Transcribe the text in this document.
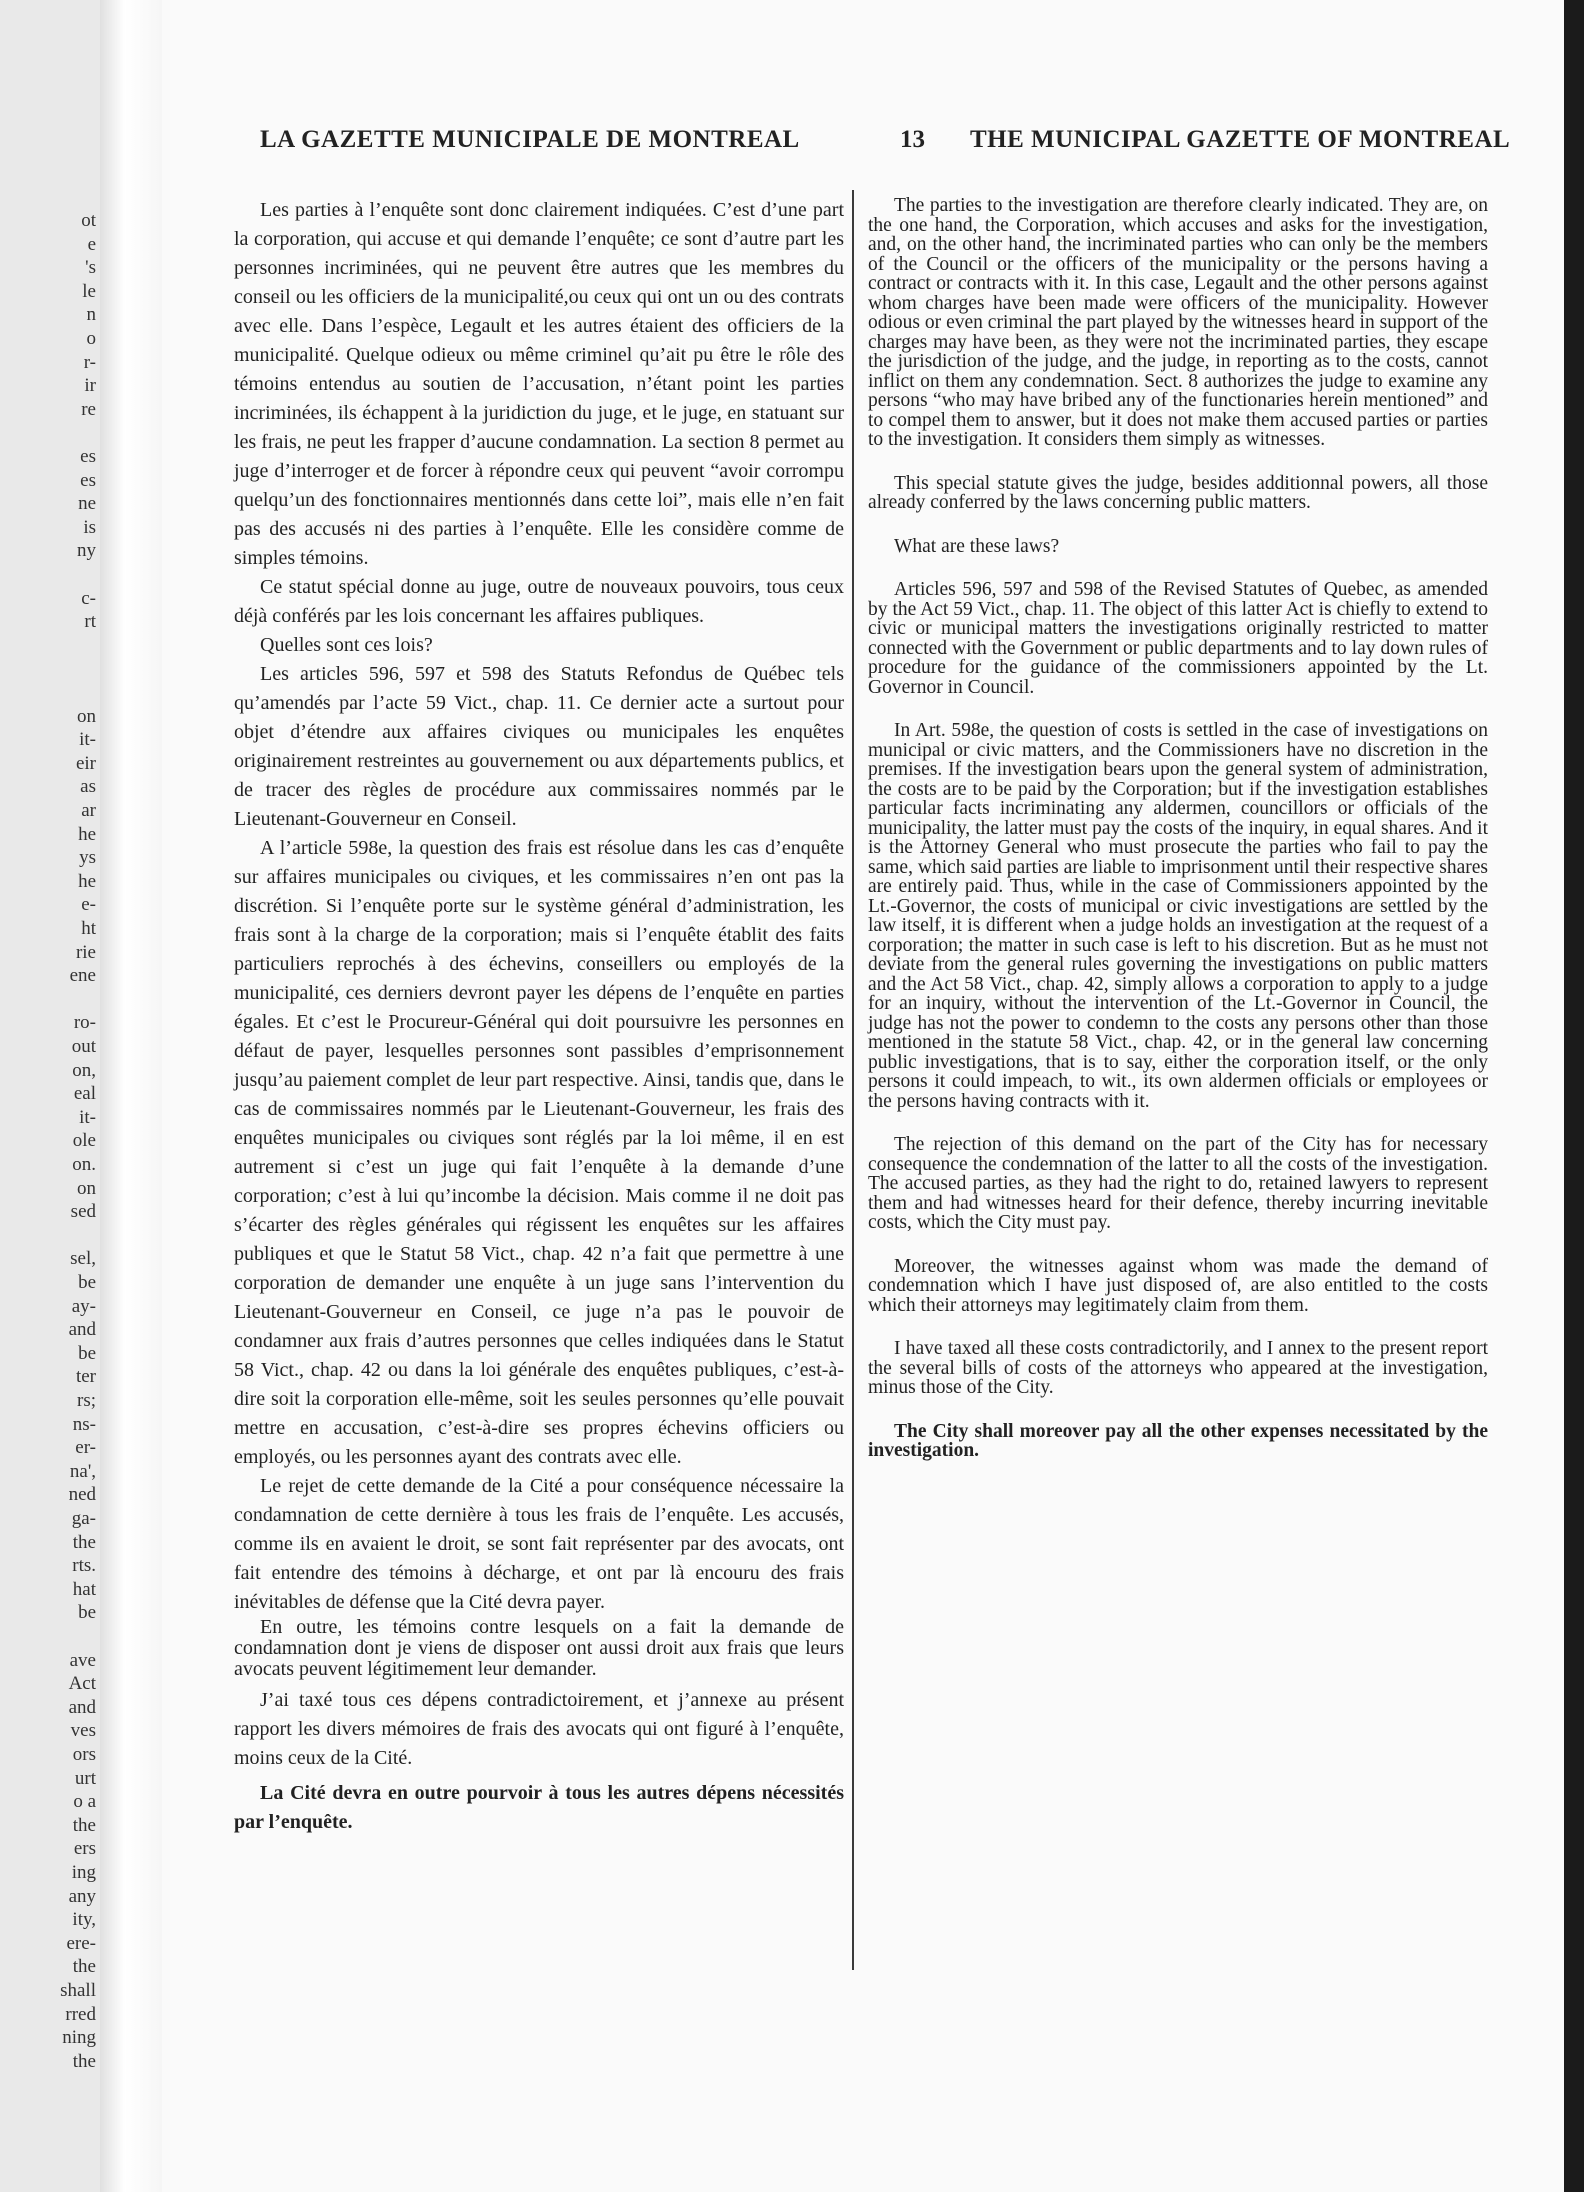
ot
e
's
le
n
o
r-
ir
re
es
es
ne
is
ny
c-
rt
on
it-
eir
as
ar
he
ys
he
e-
ht
rie
ene
ro-
out
on,
eal
it-
ole
on.
on
sed
sel,
be
ay-
and
be
ter
rs;
ns-
er-
na',
ned
ga-
the
rts.
hat
be
ave
Act
and
ves
ors
urt
o a
the
ers
ing
any
ity,
ere-
the
shall
rred
ning
the
LA GAZETTE MUNICIPALE DE MONTREAL	13 THE MUNICIPAL GAZETTE OF MONTREAL

Les parties à l’enquête sont donc clairement indiquées. C’est d’une part la corporation, qui accuse et qui demande l’enquête; ce sont d’autre part les personnes incriminées, qui ne peuvent être autres que les membres du conseil ou les officiers de la municipalité,ou ceux qui ont un ou des contrats avec elle. Dans l’espèce, Legault et les autres étaient des officiers de la municipalité. Quelque odieux ou même criminel qu’ait pu être le rôle des témoins entendus au soutien de l’accusation, n’étant point les parties incriminées, ils échappent à la juridiction du juge, et le juge, en statuant sur les frais, ne peut les frapper d’aucune condamnation. La section 8 permet au juge d’interroger et de forcer à répondre ceux qui peuvent “avoir corrompu quelqu’un des fonctionnaires mentionnés dans cette loi”, mais elle n’en fait pas des accusés ni des parties à l’enquête. Elle les considère comme de simples témoins.

Ce statut spécial donne au juge, outre de nouveaux pouvoirs, tous ceux déjà conférés par les lois concernant les affaires publiques.

Quelles sont ces lois?

Les articles 596, 597 et 598 des Statuts Refondus de Québec tels qu’amendés par l’acte 59 Vict., chap. 11. Ce dernier acte a surtout pour objet d’étendre aux affaires civiques ou municipales les enquêtes originairement restreintes au gouvernement ou aux départements publics, et de tracer des règles de procédure aux commissaires nommés par le Lieutenant-Gouverneur en Conseil.

A l’article 598e, la question des frais est résolue dans les cas d’enquête sur affaires municipales ou civiques, et les commissaires n’en ont pas la discrétion. Si l’enquête porte sur le système général d’administration, les frais sont à la charge de la corporation; mais si l’enquête établit des faits particuliers reprochés à des échevins, conseillers ou employés de la municipalité, ces derniers devront payer les dépens de l’enquête en parties égales. Et c’est le Procureur-Général qui doit poursuivre les personnes en défaut de payer, lesquelles personnes sont passibles d’emprisonnement jusqu’au paiement complet de leur part respective. Ainsi, tandis que, dans le cas de commissaires nommés par le Lieutenant-Gouverneur, les frais des enquêtes municipales ou civiques sont réglés par la loi même, il en est autrement si c’est un juge qui fait l’enquête à la demande d’une corporation; c’est à lui qu’incombe la décision. Mais comme il ne doit pas s’écarter des règles générales qui régissent les enquêtes sur les affaires publiques et que le Statut 58 Vict., chap. 42 n’a fait que permettre à une corporation de demander une enquête à un juge sans l’intervention du Lieutenant-Gouverneur en Conseil, ce juge n’a pas le pouvoir de condamner aux frais d’autres personnes que celles indiquées dans le Statut 58 Vict., chap. 42 ou dans la loi générale des enquêtes publiques, c’est-à-dire soit la corporation elle-même, soit les seules personnes qu’elle pouvait mettre en accusation, c’est-à-dire ses propres échevins officiers ou employés, ou les personnes ayant des contrats avec elle.

Le rejet de cette demande de la Cité a pour conséquence nécessaire la condamnation de cette dernière à tous les frais de l’enquête. Les accusés, comme ils en avaient le droit, se sont fait représenter par des avocats, ont fait entendre des témoins à décharge, et ont par là encouru des frais inévitables de défense que la Cité devra payer.

En outre, les témoins contre lesquels on a fait la demande de condamnation dont je viens de disposer ont aussi droit aux frais que leurs avocats peuvent légitimement leur demander.

J’ai taxé tous ces dépens contradictoirement, et j’annexe au présent rapport les divers mémoires de frais des avocats qui ont figuré à l’enquête, moins ceux de la Cité.

La Cité devra en outre pourvoir à tous les autres dépens nécessités par l’enquête.

The parties to the investigation are therefore clearly indicated. They are, on the one hand, the Corporation, which accuses and asks for the investigation, and, on the other hand, the incriminated parties who can only be the members of the Council or the officers of the municipality or the persons having a contract or contracts with it. In this case, Legault and the other persons against whom charges have been made were officers of the municipality. However odious or even criminal the part played by the witnesses heard in support of the charges may have been, as they were not the incriminated parties, they escape the jurisdiction of the judge, and the judge, in reporting as to the costs, cannot inflict on them any condemnation. Sect. 8 authorizes the judge to examine any persons “who may have bribed any of the functionaries herein mentioned” and to compel them to answer, but it does not make them accused parties or parties to the investigation. It considers them simply as witnesses.

This special statute gives the judge, besides additionnal powers, all those already conferred by the laws concerning public matters.

What are these laws?

Articles 596, 597 and 598 of the Revised Statutes of Quebec, as amended by the Act 59 Vict., chap. 11. The object of this latter Act is chiefly to extend to civic or municipal matters the investigations originally restricted to matter connected with the Government or public departments and to lay down rules of procedure for the guidance of the commissioners appointed by the Lt. Governor in Council.

In Art. 598e, the question of costs is settled in the case of investigations on municipal or civic matters, and the Commissioners have no discretion in the premises. If the investigation bears upon the general system of administration, the costs are to be paid by the Corporation; but if the investigation establishes particular facts incriminating any aldermen, councillors or officials of the municipality, the latter must pay the costs of the inquiry, in equal shares. And it is the Attorney General who must prosecute the parties who fail to pay the same, which said parties are liable to imprisonment until their respective shares are entirely paid. Thus, while in the case of Commissioners appointed by the Lt.-Governor, the costs of municipal or civic investigations are settled by the law itself, it is different when a judge holds an investigation at the request of a corporation; the matter in such case is left to his discretion. But as he must not deviate from the general rules governing the investigations on public matters and the Act 58 Vict., chap. 42, simply allows a corporation to apply to a judge for an inquiry, without the intervention of the Lt.-Governor in Council, the judge has not the power to condemn to the costs any persons other than those mentioned in the statute 58 Vict., chap. 42, or in the general law concerning public investigations, that is to say, either the corporation itself, or the only persons it could impeach, to wit., its own aldermen officials or employees or the persons having contracts with it.

The rejection of this demand on the part of the City has for necessary consequence the condemnation of the latter to all the costs of the investigation. The accused parties, as they had the right to do, retained lawyers to represent them and had witnesses heard for their defence, thereby incurring inevitable costs, which the City must pay.

Moreover, the witnesses against whom was made the demand of condemnation which I have just disposed of, are also entitled to the costs which their attorneys may legitimately claim from them.

I have taxed all these costs contradictorily, and I annex to the present report the several bills of costs of the attorneys who appeared at the investigation, minus those of the City.

The City shall moreover pay all the other expenses necessitated by the investigation.
